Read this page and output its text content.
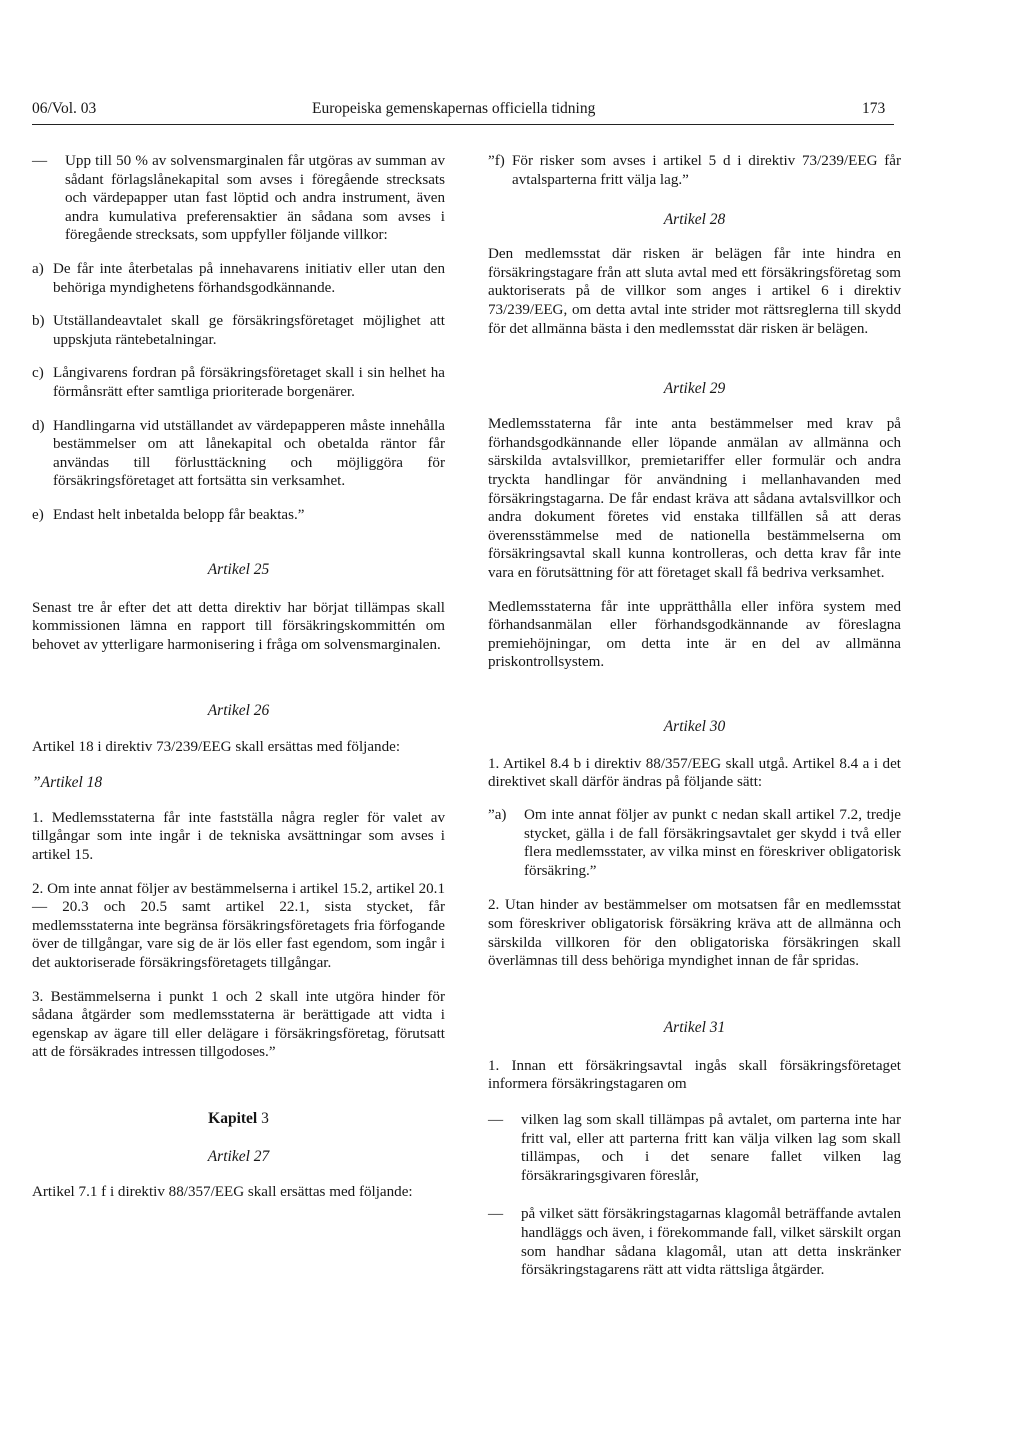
06/Vol. 03	Europeiska gemenskapernas officiella tidning	173
—	Upp till 50 % av solvensmarginalen får utgöras av summan av sådant förlagslånekapital som avses i föregående strecksats och värdepapper utan fast löptid och andra instrument, även andra kumulativa preferensaktier än sådana som avses i föregående strecksats, som uppfyller följande villkor:
a) De får inte återbetalas på innehavarens initiativ eller utan den behöriga myndighetens förhandsgodkännande.
b) Utställandeavtalet skall ge försäkringsföretaget möjlighet att uppskjuta räntebetalningar.
c) Långivarens fordran på försäkringsföretaget skall i sin helhet ha förmånsrätt efter samtliga prioriterade borgenärer.
d) Handlingarna vid utställandet av värdepapperen måste innehålla bestämmelser om att lånekapital och obetalda räntor får användas till förlusttäckning och möjliggöra för försäkringsföretaget att fortsätta sin verksamhet.
e) Endast helt inbetalda belopp får beaktas.”
Artikel 25

Senast tre år efter det att detta direktiv har börjat tillämpas skall kommissionen lämna en rapport till försäkringskommittén om behovet av ytterligare harmonisering i fråga om solvensmarginalen.

Artikel 26

Artikel 18 i direktiv 73/239/EEG skall ersättas med följande:

”Artikel 18

1. Medlemsstaterna får inte fastställa några regler för valet av tillgångar som inte ingår i de tekniska avsättningar som avses i artikel 15.

2. Om inte annat följer av bestämmelserna i artikel 15.2, artikel 20.1 — 20.3 och 20.5 samt artikel 22.1, sista stycket, får medlemsstaterna inte begränsa försäkringsföretagets fria förfogande över de tillgångar, vare sig de är lös eller fast egendom, som ingår i det auktoriserade försäkringsföretagets tillgångar.

3. Bestämmelserna i punkt 1 och 2 skall inte utgöra hinder för sådana åtgärder som medlemsstaterna är berättigade att vidta i egenskap av ägare till eller delägare i försäkringsföretag, förutsatt att de försäkrades intressen tillgodoses.”

Kapitel 3
Artikel 27

Artikel 7.1 f i direktiv 88/357/EEG skall ersättas med följande:

”f) För risker som avses i artikel 5 d i direktiv 73/239/EEG får avtalsparterna fritt välja lag.”
Artikel 28

Den medlemsstat där risken är belägen får inte hindra en försäkringstagare från att sluta avtal med ett försäkringsföretag som auktoriserats på de villkor som anges i artikel 6 i direktiv 73/239/EEG, om detta avtal inte strider mot rättsreglerna till skydd för det allmänna bästa i den medlemsstat där risken är belägen.

Artikel 29

Medlemsstaterna får inte anta bestämmelser med krav på förhandsgodkännande eller löpande anmälan av allmänna och särskilda avtalsvillkor, premietariffer eller formulär och andra tryckta handlingar för användning i mellanhavanden med försäkringstagarna. De får endast kräva att sådana avtalsvillkor och andra dokument företes vid enstaka tillfällen så att deras överensstämmelse med de nationella bestämmelserna om försäkringsavtal skall kunna kontrolleras, och detta krav får inte vara en förutsättning för att företaget skall få bedriva verksamhet.

Medlemsstaterna får inte upprätthålla eller införa system med förhandsanmälan eller förhandsgodkännande av föreslagna premiehöjningar, om detta inte är en del av allmänna priskontrollsystem.

Artikel 30

1. Artikel 8.4 b i direktiv 88/357/EEG skall utgå. Artikel 8.4 a i det direktivet skall därför ändras på följande sätt:

”a)	Om inte annat följer av punkt c nedan skall artikel 7.2, tredje stycket, gälla i de fall försäkringsavtalet ger skydd i två eller flera medlemsstater, av vilka minst en föreskriver obligatorisk försäkring.”

2. Utan hinder av bestämmelser om motsatsen får en medlemsstat som föreskriver obligatorisk försäkring kräva att de allmänna och särskilda villkoren för den obligatoriska försäkringen skall överlämnas till dess behöriga myndighet innan de får spridas.

Artikel 31

1. Innan ett försäkringsavtal ingås skall försäkringsföretaget informera försäkringstagaren om

—	vilken lag som skall tillämpas på avtalet, om parterna inte har fritt val, eller att parterna fritt kan välja vilken lag som skall tillämpas, och i det senare fallet vilken lag försäkraringsgivaren föreslår,
—	på vilket sätt försäkringstagarnas klagomål beträffande avtalen handläggs och även, i förekommande fall, vilket särskilt organ som handhar sådana klagomål, utan att detta inskränker försäkringstagarens rätt att vidta rättsliga åtgärder.
